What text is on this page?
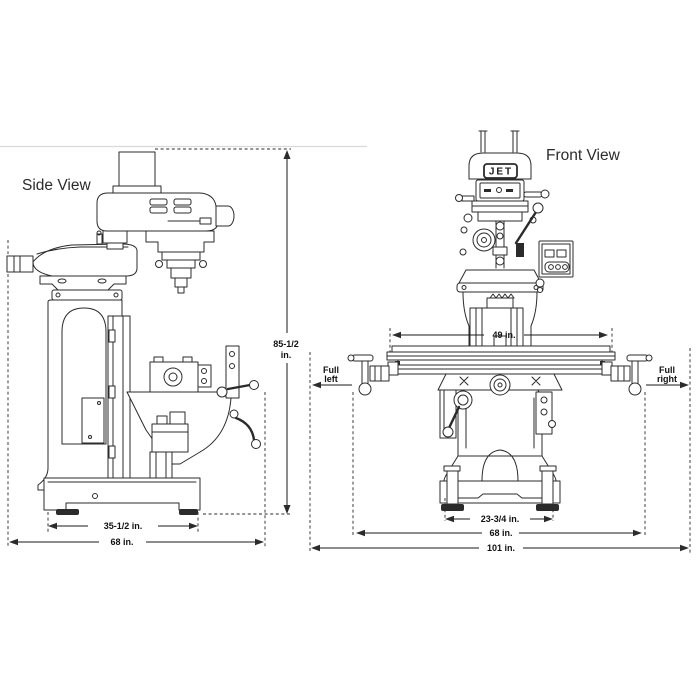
JET
85-1/2
in.
35-1/2 in.
68 in.
49 in.
Full
left
Full
right
23-3/4 in.
68 in.
101 in.
Side View
Front View
